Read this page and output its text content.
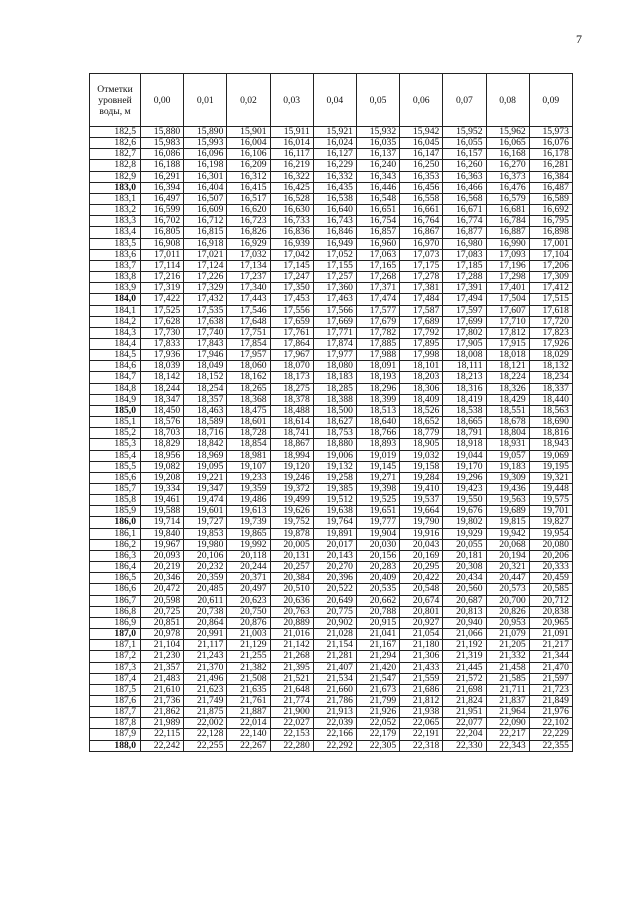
7
Отметки уровней воды, м	0,00	0,01	0,02	0,03	0,04	0,05	0,06	0,07	0,08	0,09
182,5	15,880	15,890	15,901	15,911	15,921	15,932	15,942	15,952	15,962	15,973
182,6	15,983	15,993	16,004	16,014	16,024	16,035	16,045	16,055	16,065	16,076
182,7	16,086	16,096	16,106	16,117	16,127	16,137	16,147	16,157	16,168	16,178
182,8	16,188	16,198	16,209	16,219	16,229	16,240	16,250	16,260	16,270	16,281
182,9	16,291	16,301	16,312	16,322	16,332	16,343	16,353	16,363	16,373	16,384
183,0	16,394	16,404	16,415	16,425	16,435	16,446	16,456	16,466	16,476	16,487
183,1	16,497	16,507	16,517	16,528	16,538	16,548	16,558	16,568	16,579	16,589
183,2	16,599	16,609	16,620	16,630	16,640	16,651	16,661	16,671	16,681	16,692
183,3	16,702	16,712	16,723	16,733	16,743	16,754	16,764	16,774	16,784	16,795
183,4	16,805	16,815	16,826	16,836	16,846	16,857	16,867	16,877	16,887	16,898
183,5	16,908	16,918	16,929	16,939	16,949	16,960	16,970	16,980	16,990	17,001
183,6	17,011	17,021	17,032	17,042	17,052	17,063	17,073	17,083	17,093	17,104
183,7	17,114	17,124	17,134	17,145	17,155	17,165	17,175	17,185	17,196	17,206
183,8	17,216	17,226	17,237	17,247	17,257	17,268	17,278	17,288	17,298	17,309
183,9	17,319	17,329	17,340	17,350	17,360	17,371	17,381	17,391	17,401	17,412
184,0	17,422	17,432	17,443	17,453	17,463	17,474	17,484	17,494	17,504	17,515
184,1	17,525	17,535	17,546	17,556	17,566	17,577	17,587	17,597	17,607	17,618
184,2	17,628	17,638	17,648	17,659	17,669	17,679	17,689	17,699	17,710	17,720
184,3	17,730	17,740	17,751	17,761	17,771	17,782	17,792	17,802	17,812	17,823
184,4	17,833	17,843	17,854	17,864	17,874	17,885	17,895	17,905	17,915	17,926
184,5	17,936	17,946	17,957	17,967	17,977	17,988	17,998	18,008	18,018	18,029
184,6	18,039	18,049	18,060	18,070	18,080	18,091	18,101	18,111	18,121	18,132
184,7	18,142	18,152	18,162	18,173	18,183	18,193	18,203	18,213	18,224	18,234
184,8	18,244	18,254	18,265	18,275	18,285	18,296	18,306	18,316	18,326	18,337
184,9	18,347	18,357	18,368	18,378	18,388	18,399	18,409	18,419	18,429	18,440
185,0	18,450	18,463	18,475	18,488	18,500	18,513	18,526	18,538	18,551	18,563
185,1	18,576	18,589	18,601	18,614	18,627	18,640	18,652	18,665	18,678	18,690
185,2	18,703	18,716	18,728	18,741	18,753	18,766	18,779	18,791	18,804	18,816
185,3	18,829	18,842	18,854	18,867	18,880	18,893	18,905	18,918	18,931	18,943
185,4	18,956	18,969	18,981	18,994	19,006	19,019	19,032	19,044	19,057	19,069
185,5	19,082	19,095	19,107	19,120	19,132	19,145	19,158	19,170	19,183	19,195
185,6	19,208	19,221	19,233	19,246	19,258	19,271	19,284	19,296	19,309	19,321
185,7	19,334	19,347	19,359	19,372	19,385	19,398	19,410	19,423	19,436	19,448
185,8	19,461	19,474	19,486	19,499	19,512	19,525	19,537	19,550	19,563	19,575
185,9	19,588	19,601	19,613	19,626	19,638	19,651	19,664	19,676	19,689	19,701
186,0	19,714	19,727	19,739	19,752	19,764	19,777	19,790	19,802	19,815	19,827
186,1	19,840	19,853	19,865	19,878	19,891	19,904	19,916	19,929	19,942	19,954
186,2	19,967	19,980	19,992	20,005	20,017	20,030	20,043	20,055	20,068	20,080
186,3	20,093	20,106	20,118	20,131	20,143	20,156	20,169	20,181	20,194	20,206
186,4	20,219	20,232	20,244	20,257	20,270	20,283	20,295	20,308	20,321	20,333
186,5	20,346	20,359	20,371	20,384	20,396	20,409	20,422	20,434	20,447	20,459
186,6	20,472	20,485	20,497	20,510	20,522	20,535	20,548	20,560	20,573	20,585
186,7	20,598	20,611	20,623	20,636	20,649	20,662	20,674	20,687	20,700	20,712
186,8	20,725	20,738	20,750	20,763	20,775	20,788	20,801	20,813	20,826	20,838
186,9	20,851	20,864	20,876	20,889	20,902	20,915	20,927	20,940	20,953	20,965
187,0	20,978	20,991	21,003	21,016	21,028	21,041	21,054	21,066	21,079	21,091
187,1	21,104	21,117	21,129	21,142	21,154	21,167	21,180	21,192	21,205	21,217
187,2	21,230	21,243	21,255	21,268	21,281	21,294	21,306	21,319	21,332	21,344
187,3	21,357	21,370	21,382	21,395	21,407	21,420	21,433	21,445	21,458	21,470
187,4	21,483	21,496	21,508	21,521	21,534	21,547	21,559	21,572	21,585	21,597
187,5	21,610	21,623	21,635	21,648	21,660	21,673	21,686	21,698	21,711	21,723
187,6	21,736	21,749	21,761	21,774	21,786	21,799	21,812	21,824	21,837	21,849
187,7	21,862	21,875	21,887	21,900	21,913	21,926	21,938	21,951	21,964	21,976
187,8	21,989	22,002	22,014	22,027	22,039	22,052	22,065	22,077	22,090	22,102
187,9	22,115	22,128	22,140	22,153	22,166	22,179	22,191	22,204	22,217	22,229
188,0	22,242	22,255	22,267	22,280	22,292	22,305	22,318	22,330	22,343	22,355
